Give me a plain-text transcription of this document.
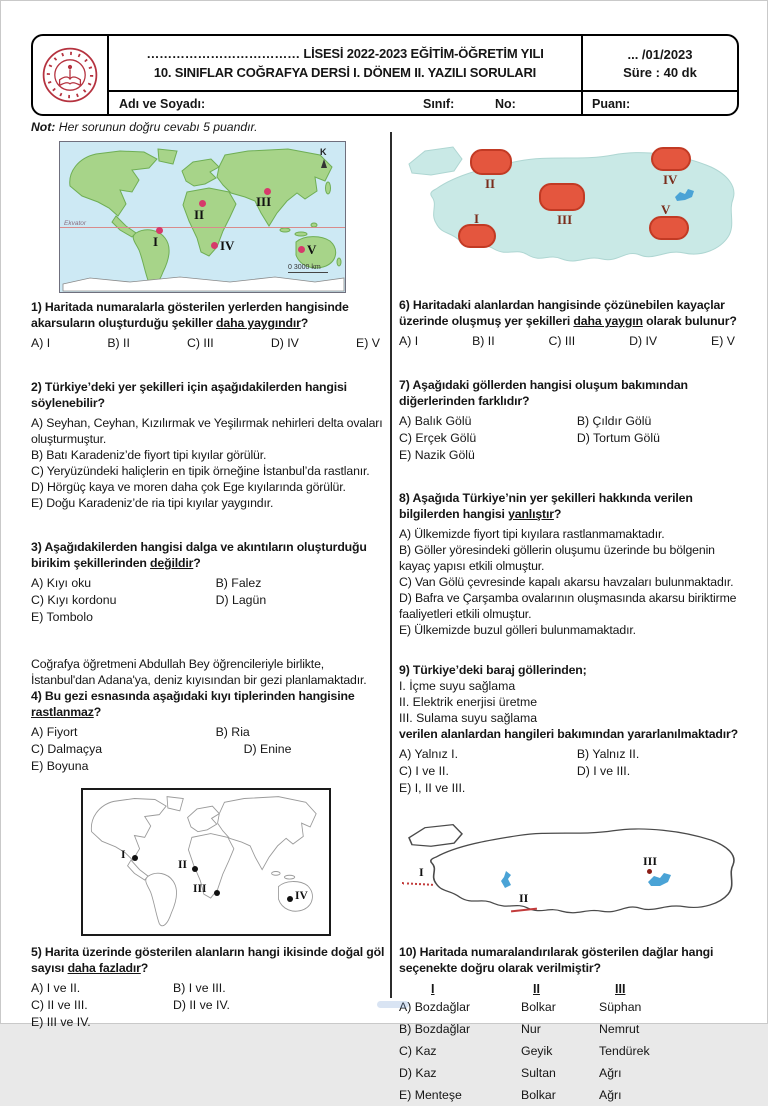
……………………………… LİSESİ 2022-2023 EĞİTİM-ÖĞRETİM YILI
10. SINIFLAR COĞRAFYA DERSİ I. DÖNEM II. YAZILI SORULARI
... /01/2023
Süre : 40 dk
Adı ve Soyadı:	Sınıf:	No:	Puanı:
Not: Her sorunun doğru cevabı 5 puandır.
Ekvator
I
II
III
IV	V
K
0 3000 km

1) Haritada numaralarla gösterilen yerlerden hangisinde akarsuların oluşturduğu şekiller daha yaygındır?

A) I	B) II	C) III	D) IV	E) V

2) Türkiye’deki yer şekilleri için aşağıdakilerden hangisi söylenebilir?

A) Seyhan, Ceyhan, Kızılırmak ve Yeşilırmak nehirleri delta ovaları oluşturmuştur.

B) Batı Karadeniz’de fiyort tipi kıyılar görülür.

C) Yeryüzündeki haliçlerin en tipik örneğine İstanbul’da rastlanır.

D) Hörgüç kaya ve moren daha çok Ege kıyılarında görülür.

E) Doğu Karadeniz’de ria tipi kıyılar yaygındır.

3) Aşağıdakilerden hangisi dalga ve akıntıların oluşturduğu birikim şekillerinden değildir?

A) Kıyı oku	B) Falez
C) Kıyı kordonu	D) Lagün
E) Tombolo

Coğrafya öğretmeni Abdullah Bey öğrencileriyle birlikte, İstanbul'dan Adana'ya, deniz kıyısından bir gezi planlamaktadır.

4) Bu gezi esnasında aşağıdaki kıyı tiplerinden hangisine rastlanmaz?

A) Fiyort	B) Ria
C) Dalmaçya	D) Enine
E) Boyuna
I
II
III
IV

5) Harita üzerinde gösterilen alanların hangi ikisinde doğal göl sayısı daha fazladır?

A) I ve II.	B) I ve III.
C) II ve III.	D) II ve IV.
E) III ve IV.
I
II
III
IV
V

6) Haritadaki alanlardan hangisinde çözünebilen kayaçlar üzerinde oluşmuş yer şekilleri daha yaygın olarak bulunur?

A) I	B) II	C) III	D) IV	E) V

7) Aşağıdaki göllerden hangisi oluşum bakımından diğerlerinden farklıdır?

A) Balık Gölü	B) Çıldır Gölü
C) Erçek Gölü	D) Tortum Gölü
E) Nazik Gölü

8) Aşağıda Türkiye’nin yer şekilleri hakkında verilen bilgilerden hangisi yanlıştır?

A) Ülkemizde fiyort tipi kıyılara rastlanmamaktadır.

B) Göller yöresindeki göllerin oluşumu üzerinde bu bölgenin kayaç yapısı etkili olmuştur.

C) Van Gölü çevresinde kapalı akarsu havzaları bulunmaktadır.

D) Bafra ve Çarşamba ovalarının oluşmasında akarsu biriktirme faaliyetleri etkili olmuştur.

E) Ülkemizde buzul gölleri bulunmamaktadır.

9) Türkiye’deki baraj göllerinden;

I. İçme suyu sağlama

II. Elektrik enerjisi üretme

III. Sulama suyu sağlama

verilen alanlardan hangileri bakımından yararlanılmaktadır?

A) Yalnız I.	B) Yalnız II.
C) I ve II.	D) I ve III.
E) I, II ve III.
I
II
III

10) Haritada numaralandırılarak gösterilen dağlar hangi seçenekte doğru olarak verilmiştir?

I	II	III
A) Bozdağlar	Bolkar	Süphan
B) Bozdağlar	Nur	Nemrut
C) Kaz	Geyik	Tendürek
D) Kaz	Sultan	Ağrı
E) Menteşe	Bolkar	Ağrı
